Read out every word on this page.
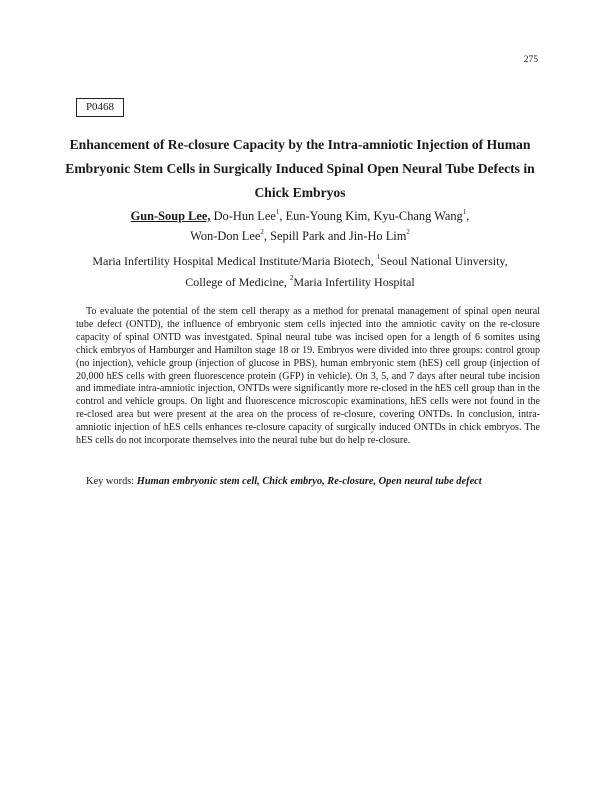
275
P0468
Enhancement of Re-closure Capacity by the Intra-amniotic Injection of Human Embryonic Stem Cells in Surgically Induced Spinal Open Neural Tube Defects in Chick Embryos
Gun-Soup Lee, Do-Hun Lee$^1$, Eun-Young Kim, Kyu-Chang Wang$^1$,
Won-Don Lee$^2$, Sepill Park and Jin-Ho Lim$^2$
Maria Infertility Hospital Medical Institute/Maria Biotech, $^1$Seoul National Uinversity,
College of Medicine, $^2$Maria Infertility Hospital

To evaluate the potential of the stem cell therapy as a method for prenatal management of spinal open neural tube defect (ONTD), the influence of embryonic stem cells injected into the amniotic cavity on the re-closure capacity of spinal ONTD was investgated. Spinal neural tube was incised open for a length of 6 somites using chick embryos of Hamburger and Hamilton stage 18 or 19. Embryos were divided into three groups: control group (no injection), vehicle group (injection of glucose in PBS), human embryonic stem (hES) cell group (injection of 20,000 hES cells with green fluorescence protein (GFP) in vehicle). On 3, 5, and 7 days after neural tube incision and immediate intra-amniotic injection, ONTDs were significantly more re-closed in the hES cell group than in the control and vehicle groups. On light and fluorescence microscopic examinations, hES cells were not found in the re-closed area but were present at the area on the process of re-closure, covering ONTDs. In conclusion, intra-amniotic injection of hES cells enhances re-closure capacity of surgically induced ONTDs in chick embryos. The hES cells do not incorporate themselves into the neural tube but do help re-closure.

Key words: Human embryonic stem cell, Chick embryo, Re-closure, Open neural tube defect
